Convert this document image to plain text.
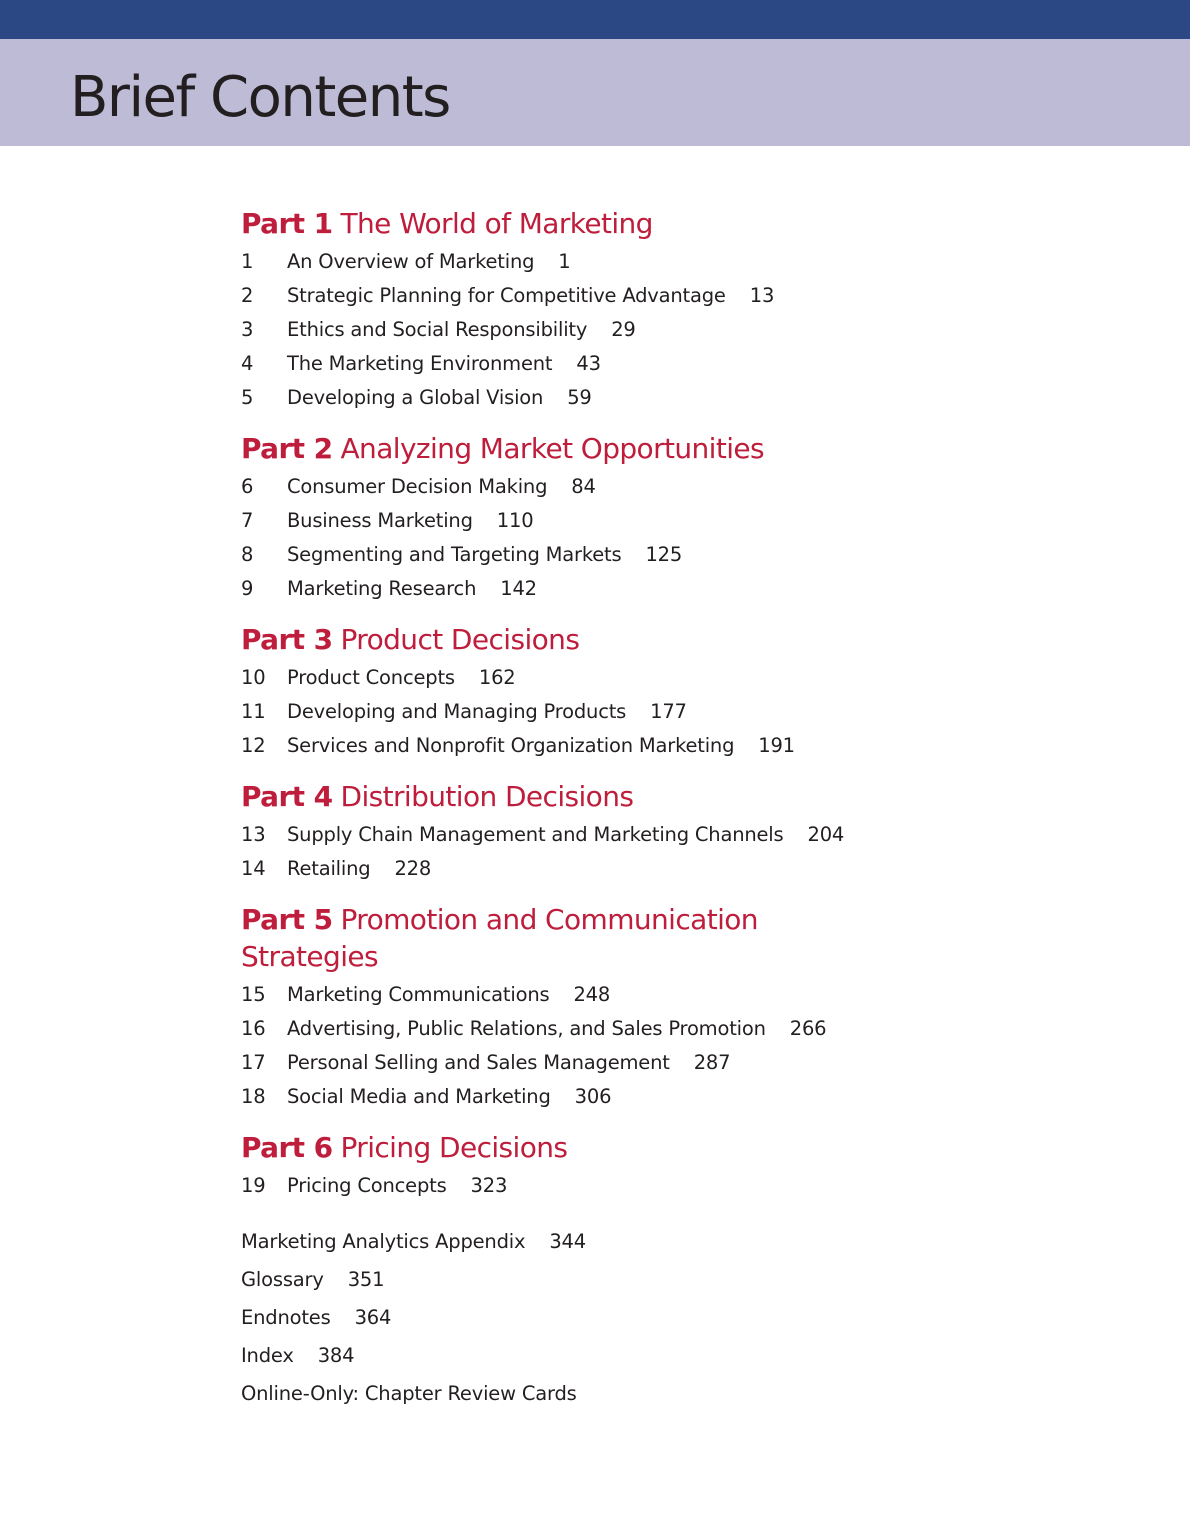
Brief Contents
Part 1 The World of Marketing
1	An Overview of Marketing 1
2	Strategic Planning for Competitive Advantage 13
3	Ethics and Social Responsibility 29
4	The Marketing Environment 43
5	Developing a Global Vision 59
Part 2 Analyzing Market Opportunities
6	Consumer Decision Making 84
7	Business Marketing 110
8	Segmenting and Targeting Markets 125
9	Marketing Research 142
Part 3 Product Decisions
10	Product Concepts 162
11	Developing and Managing Products 177
12	Services and Nonprofit Organization Marketing 191
Part 4 Distribution Decisions
13	Supply Chain Management and Marketing Channels 204
14	Retailing 228
Part 5 Promotion and Communication Strategies
15	Marketing Communications 248
16	Advertising, Public Relations, and Sales Promotion 266
17	Personal Selling and Sales Management 287
18	Social Media and Marketing 306
Part 6 Pricing Decisions
19	Pricing Concepts 323
Marketing Analytics Appendix 344
Glossary 351
Endnotes 364
Index 384
Online-Only: Chapter Review Cards
